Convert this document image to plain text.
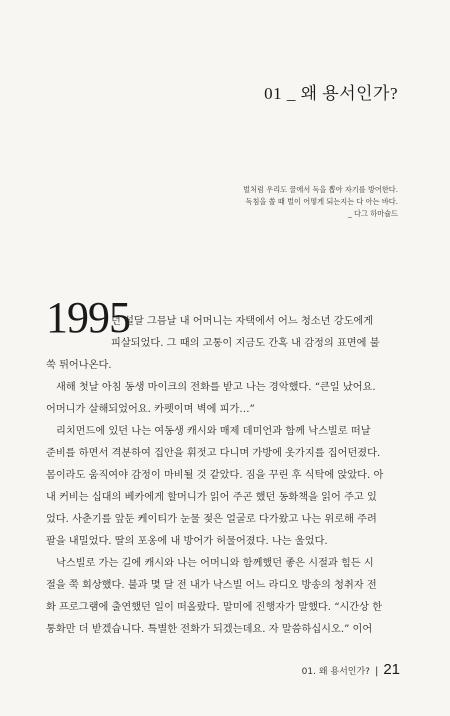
01 _ 왜 용서인가?
벌처럼 우리도 꿀에서 독을 뽑아 자기를 방어한다.
독침을 쏠 때 벌이 어떻게 되는지는 다 아는 바다.
_ 다그 하마슐드
1995
년 설달 그믐날 내 어머니는 자택에서 어느 청소년 강도에게
피살되었다. 그 때의 고통이 지금도 간혹 내 감정의 표면에 불
쑥 튀어나온다.
새해 첫날 아침 동생 마이크의 전화를 받고 나는 경악했다. “큰일 났어요.
어머니가 살해되었어요. 카펫이며 벽에 피가…”
리치먼드에 있던 나는 여동생 캐시와 매제 데미언과 함께 낙스빌로 떠날
준비를 하면서 격분하여 집안을 휘젓고 다니며 가방에 옷가지를 집어던졌다.
몸이라도 움직여야 감정이 마비될 것 같았다. 짐을 꾸린 후 식탁에 앉았다. 아
내 커비는 십대의 베카에게 할머니가 읽어 주곤 했던 동화책을 읽어 주고 있
었다. 사춘기를 앞둔 케이티가 눈물 젖은 얼굴로 다가왔고 나는 위로해 주려
팔을 내밀었다. 딸의 포옹에 내 방어가 허물어졌다. 나는 울었다.
낙스빌로 가는 길에 캐시와 나는 어머니와 함께했던 좋은 시절과 힘든 시
절을 쭉 회상했다. 불과 몇 달 전 내가 낙스빌 어느 라디오 방송의 청취자 전
화 프로그램에 출연했던 일이 떠올랐다. 말미에 진행자가 말했다. “시간상 한
통화만 더 받겠습니다. 특별한 전화가 되겠는데요. 자 말씀하십시오.” 이어
01. 왜 용서인가? | 21
